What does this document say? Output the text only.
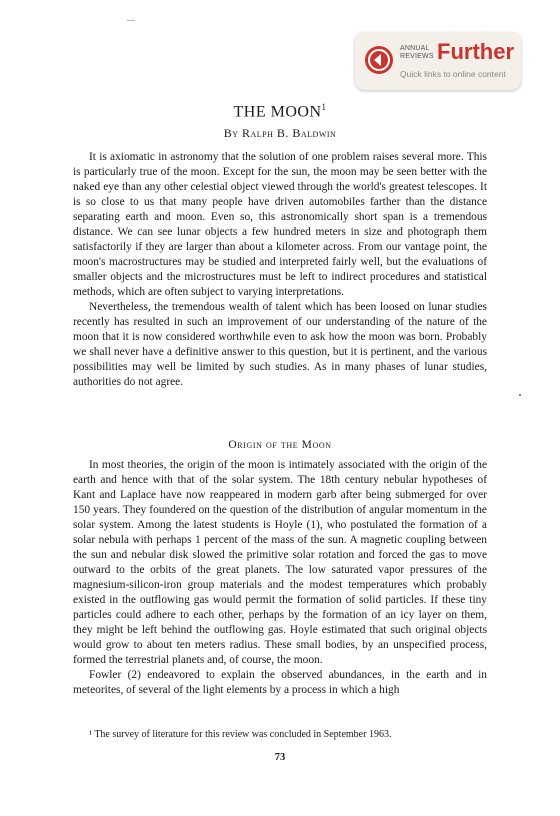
ANNUAL
REVIEWS Further
Quick links to online content
THE MOON$^1$
By Ralph B. Baldwin

It is axiomatic in astronomy that the solution of one problem raises several more. This is particularly true of the moon. Except for the sun, the moon may be seen better with the naked eye than any other celestial object viewed through the world's greatest telescopes. It is so close to us that many people have driven automobiles farther than the distance separating earth and moon. Even so, this astronomically short span is a tremendous distance. We can see lunar objects a few hundred meters in size and photograph them satisfactorily if they are larger than about a kilometer across. From our vantage point, the moon's macrostructures may be studied and interpreted fairly well, but the evaluations of smaller objects and the microstructures must be left to indirect procedures and statistical methods, which are often subject to varying interpretations.

Nevertheless, the tremendous wealth of talent which has been loosed on lunar studies recently has resulted in such an improvement of our understanding of the nature of the moon that it is now considered worthwhile even to ask how the moon was born. Probably we shall never have a definitive answer to this question, but it is pertinent, and the various possibilities may well be limited by such studies. As in many phases of lunar studies, authorities do not agree.

Origin of the Moon

In most theories, the origin of the moon is intimately associated with the origin of the earth and hence with that of the solar system. The 18th century nebular hypotheses of Kant and Laplace have now reappeared in modern garb after being submerged for over 150 years. They foundered on the question of the distribution of angular momentum in the solar system. Among the latest students is Hoyle (1), who postulated the formation of a solar nebula with perhaps 1 percent of the mass of the sun. A magnetic coupling between the sun and nebular disk slowed the primitive solar rotation and forced the gas to move outward to the orbits of the great planets. The low saturated vapor pressures of the magnesium-silicon-iron group materials and the modest temperatures which probably existed in the outflowing gas would permit the formation of solid particles. If these tiny particles could adhere to each other, perhaps by the formation of an icy layer on them, they might be left behind the outflowing gas. Hoyle estimated that such original objects would grow to about ten meters radius. These small bodies, by an unspecified process, formed the terrestrial planets and, of course, the moon.

Fowler (2) endeavored to explain the observed abundances, in the earth and in meteorites, of several of the light elements by a process in which a high

¹ The survey of literature for this review was concluded in September 1963.
73
